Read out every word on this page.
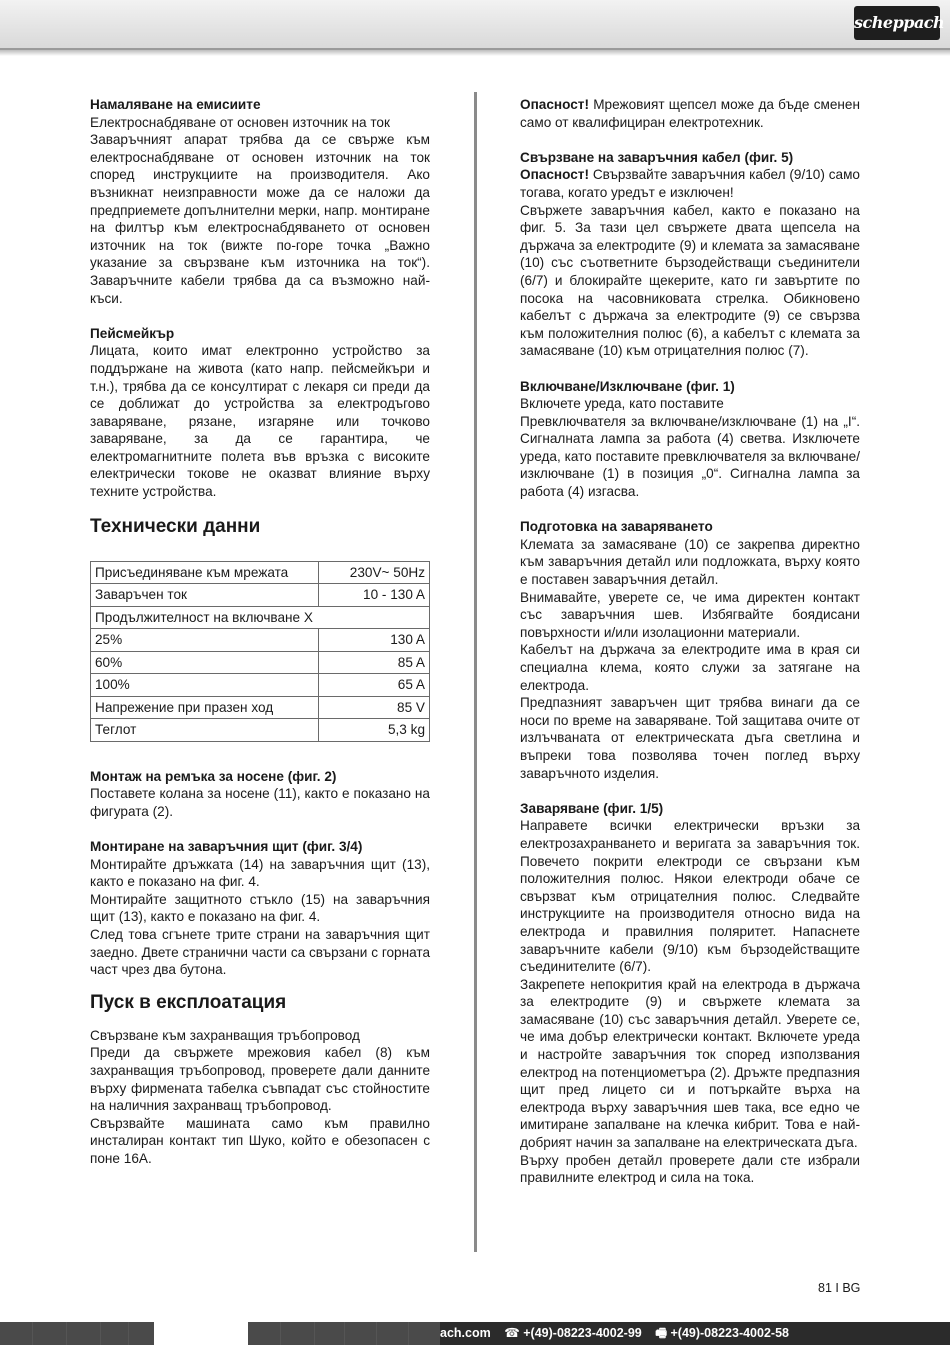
scheppach

Намаляване на емисиите

Електроснабдяване от основен източник на ток

Заваръчният апарат трябва да се свърже към електроснабдяване от основен източник на ток според инструкциите на производителя. Ако възникнат неизправности може да се наложи да предприемете допълнителни мерки, напр. монтиране на филтър към електроснабдяването от основен източник на ток (вижте по-горе точка „Важно указание за свързване към източника на ток“). Заваръчните кабели трябва да са възможно най-къси.

Пейсмейкър

Лицата, които имат електронно устройство за поддържане на живота (като напр. пейсмейкъри и т.н.), трябва да се консултират с лекаря си преди да се доближат до устройства за електродъгово заваряване, рязане, изгаряне или точково заваряване, за да се гарантира, че електромагнитните полета във връзка с високите електрически токове не оказват влияние върху техните устройства.

Технически данни

Присъединяване към мрежата	230V~ 50Hz
Заваръчен ток	10 - 130 A
Продължителност на включване X	
25%	130 A
60%	85 A
100%	65 A
Напрежение при празен ход	85 V
Теглот	5,3 kg

Монтаж на ремъка за носене (фиг. 2)

Поставете колана за носене (11), както е показано на фигурата (2).

Монтиране на заваръчния щит (фиг. 3/4)

Монтирайте дръжката (14) на заваръчния щит (13), както е показано на фиг. 4.

Монтирайте защитното стъкло (15) на заваръчния щит (13), както е показано на фиг. 4.

След това сгънете трите страни на заваръчния щит заедно. Двете странични части са свързани с горната част чрез два бутона.

Пуск в експлоатация

Свързване към захранващия тръбопровод

Преди да свържете мрежовия кабел (8) към захранващия тръбопровод, проверете дали данните върху фирмената табелка съвпадат със стойностите на наличния захранващ тръбопровод.

Свързвайте машината само към правилно инсталиран контакт тип Шуко, който е обезопасен с поне 16A.

Опасност! Мрежовият щепсел може да бъде сменен само от квалифициран електротехник.

Свързване на заваръчния кабел (фиг. 5)

Опасност! Свързвайте заваръчния кабел (9/10) само тогава, когато уредът е изключен!

Свържете заваръчния кабел, както е показано на фиг. 5. За тази цел свържете двата щепсела на държача за електродите (9) и клемата за замасяване (10) със съответните бързодействащи съединители (6/7) и блокирайте щекерите, като ги завъртите по посока на часовниковата стрелка. Обикновено кабелът с държача за електродите (9) се свързва към положителния полюс (6), а кабелът с клемата за замасяване (10) към отрицателния полюс (7).

Включване/Изключване (фиг. 1)

Включете уреда, като поставите

Превключвателя за включване/изключване (1) на „I“. Сигналната лампа за работа (4) светва. Изключете уреда, като поставите превключвателя за включване/изключване (1) в позиция „0“. Сигнална лампа за работа (4) изгасва.

Подготовка на заваряването

Клемата за замасяване (10) се закрепва директно към заваръчния детайл или подложката, върху която е поставен заваръчния детайл.

Внимавайте, уверете се, че има директен контакт със заваръчния шев. Избягвайте боядисани повърхности и/или изолационни материали.

Кабелът на държача за електродите има в края си специална клема, която служи за затягане на електрода.

Предпазният заваръчен щит трябва винаги да се носи по време на заваряване. Той защитава очите от излъчваната от електрическата дъга светлина и въпреки това позволява точен поглед върху заваръчното изделия.

Заваряване (фиг. 1/5)

Направете всички електрически връзки за електрозахранването и веригата за заваръчния ток. Повечето покрити електроди се свързани към положителния полюс. Някои електроди обаче се свързват към отрицателния полюс. Следвайте инструкциите на производителя относно вида на електрода и правилния поляритет. Напаснете заваръчните кабели (9/10) към бързодействащите съединителите (6/7).

Закрепете непокрития край на електрода в държача за електродите (9) и свържете клемата за замасяване (10) със заваръчния детайл. Уверете се, че има добър електрически контакт. Включете уреда и настройте заваръчния ток според използвания електрод на потенциометъра (2). Дръжте предпазния щит пред лицето си и потъркайте върха на електрода върху заваръчния шев така, все едно че имитиране запалване на клечка кибрит. Това е най-добрият начин за запалване на електрическата дъга.

Върху пробен детайл проверете дали сте избрали правилните електрод и сила на тока.

81 I BG
ach.com ☎ +(49)-08223-4002-99 🖷 +(49)-08223-4002-58
